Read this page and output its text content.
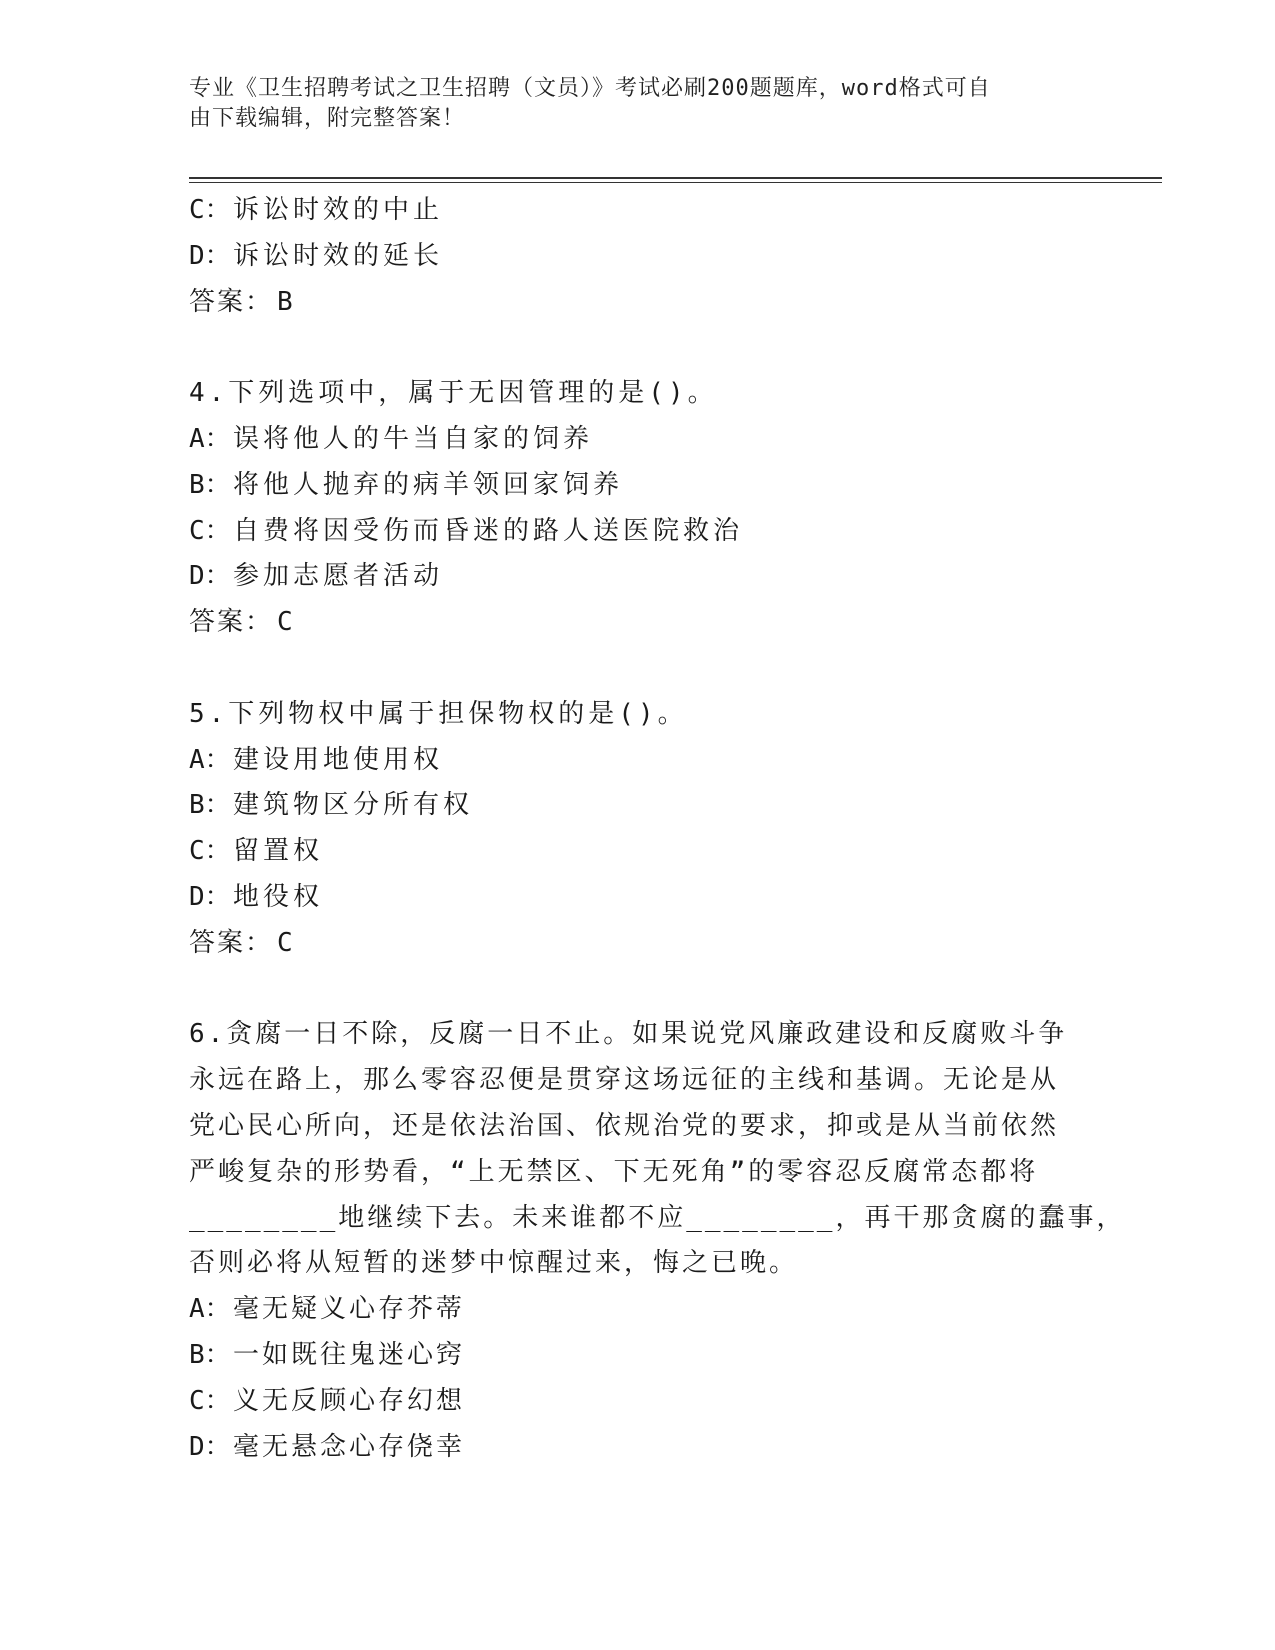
专业《卫生招聘考试之卫生招聘（文员）》考试必刷200题题库，word格式可自
由下载编辑，附完整答案！
C：诉讼时效的中止
D：诉讼时效的延长
答案： B
4.下列选项中，属于无因管理的是()。
A：误将他人的牛当自家的饲养
B：将他人抛弃的病羊领回家饲养
C：自费将因受伤而昏迷的路人送医院救治
D：参加志愿者活动
答案： C
5.下列物权中属于担保物权的是()。
A：建设用地使用权
B：建筑物区分所有权
C：留置权
D：地役权
答案： C
6.贪腐一日不除，反腐一日不止。如果说党风廉政建设和反腐败斗争
永远在路上，那么零容忍便是贯穿这场远征的主线和基调。无论是从
党心民心所向，还是依法治国、依规治党的要求，抑或是从当前依然
严峻复杂的形势看，“上无禁区、下无死角”的零容忍反腐常态都将
________地继续下去。未来谁都不应________，再干那贪腐的蠢事，
否则必将从短暂的迷梦中惊醒过来，悔之已晚。
A：毫无疑义心存芥蒂
B：一如既往鬼迷心窍
C：义无反顾心存幻想
D：毫无悬念心存侥幸
